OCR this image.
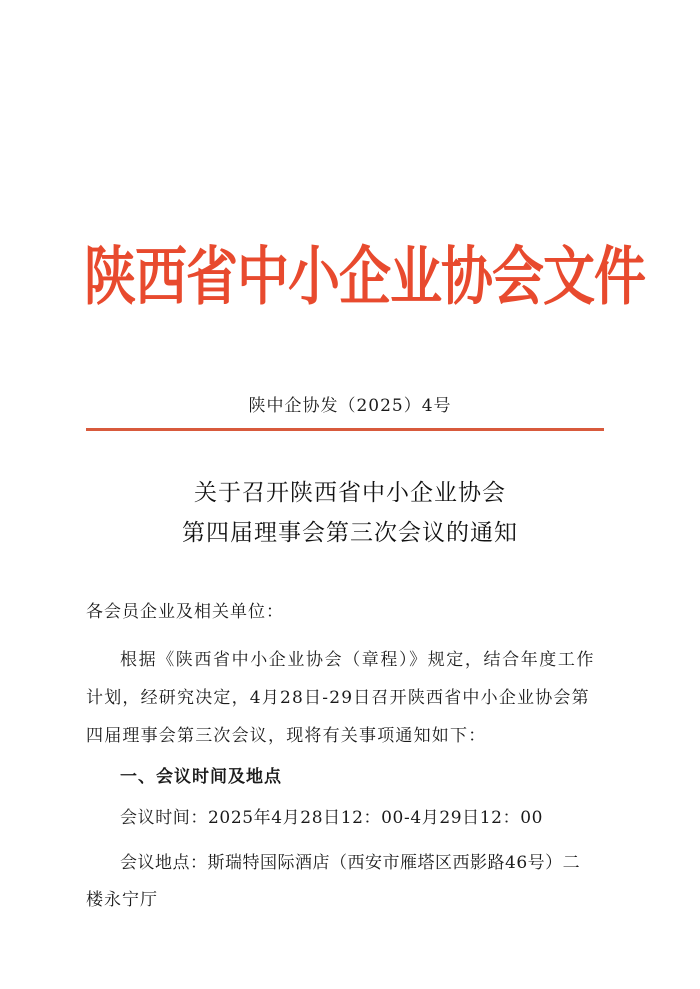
陕西省中小企业协会文件
陕中企协发（2025）4号
关于召开陕西省中小企业协会
第四届理事会第三次会议的通知
各会员企业及相关单位：
根据《陕西省中小企业协会（章程）》规定，结合年度工作
计划，经研究决定，4月28日-29日召开陕西省中小企业协会第
四届理事会第三次会议，现将有关事项通知如下：
一、会议时间及地点
会议时间：2025年4月28日12：00-4月29日12：00
会议地点：斯瑞特国际酒店（西安市雁塔区西影路46号）二
楼永宁厅
